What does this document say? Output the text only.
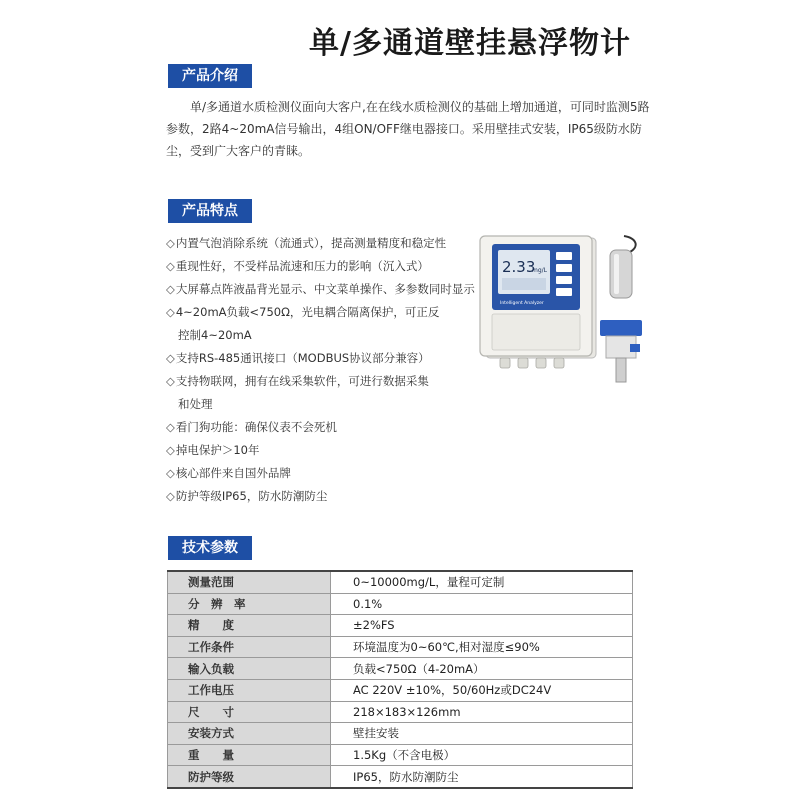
单/多通道壁挂悬浮物计
产品介绍
单/多通道水质检测仪面向大客户,在在线水质检测仪的基础上增加通道，可同时监测5路参数，2路4~20mA信号输出，4组ON/OFF继电器接口。采用壁挂式安装，IP65级防水防尘，受到广大客户的青睐。
产品特点
◇内置气泡消除系统（流通式），提高测量精度和稳定性
◇重现性好，不受样品流速和压力的影响（沉入式）
◇大屏幕点阵液晶背光显示、中文菜单操作、多参数同时显示
◇4~20mA负载<750Ω，光电耦合隔离保护，可正反
控制4~20mA
◇支持RS-485通讯接口（MODBUS协议部分兼容）
◇支持物联网，拥有在线采集软件，可进行数据采集
和处理
◇看门狗功能：确保仪表不会死机
◇掉电保护＞10年
◇核心部件来自国外品牌
◇防护等级IP65，防水防潮防尘
2.33
mg/L
Intelligent Analyzer
技术参数
测量范围	0~10000mg/L，量程可定制
分　辨　率	0.1%
精　　度	±2%FS
工作条件	环境温度为0~60℃,相对湿度≤90%
输入负载	负载<750Ω（4-20mA）
工作电压	AC 220V ±10%，50/60Hz或DC24V
尺　　寸	218×183×126mm
安装方式	壁挂安装
重　　量	1.5Kg（不含电极）
防护等级	IP65，防水防潮防尘
